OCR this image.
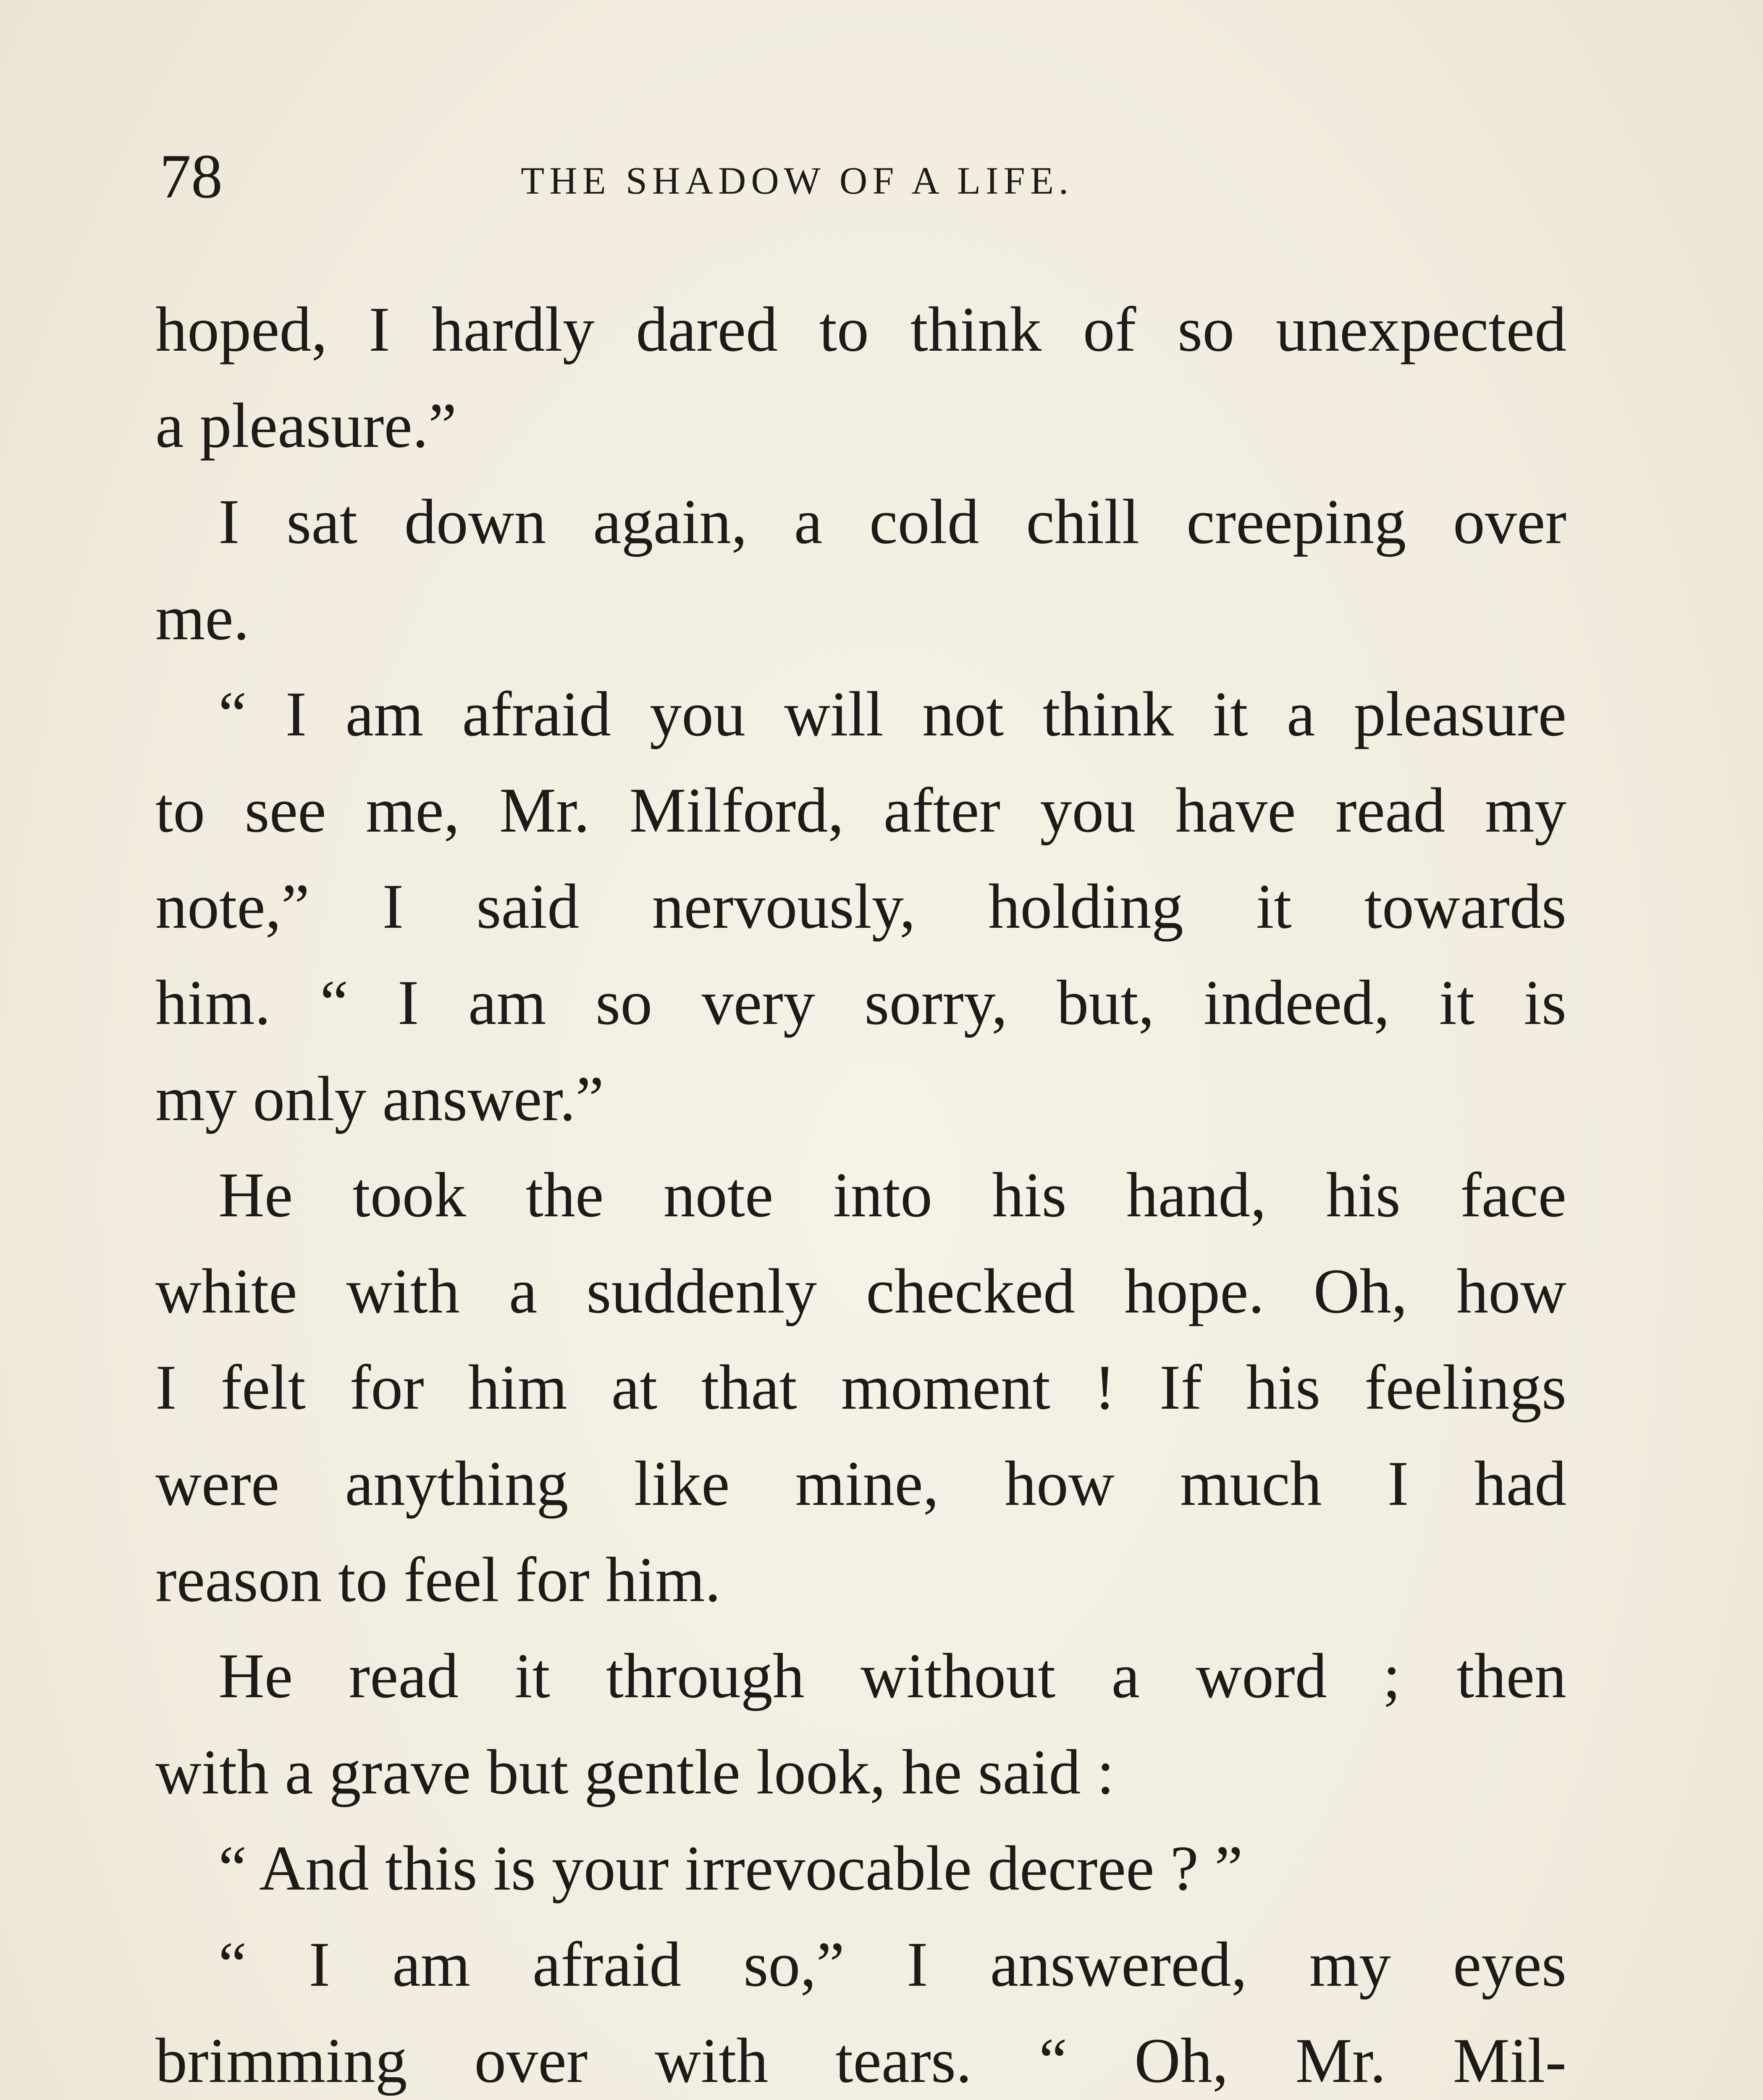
78	THE SHADOW OF A LIFE.
hoped, I hardly dared to think of so unexpected
a pleasure.”
I sat down again, a cold chill creeping over
me.
“ I am afraid you will not think it a pleasure
to see me, Mr. Milford, after you have read my
note,” I said nervously, holding it towards
him. “ I am so very sorry, but, indeed, it is
my only answer.”
He took the note into his hand, his face
white with a suddenly checked hope. Oh, how
I felt for him at that moment ! If his feelings
were anything like mine, how much I had
reason to feel for him.
He read it through without a word ; then
with a grave but gentle look, he said :
“ And this is your irrevocable decree ? ”
“ I am afraid so,” I answered, my eyes
brimming over with tears. “ Oh, Mr. Mil-
